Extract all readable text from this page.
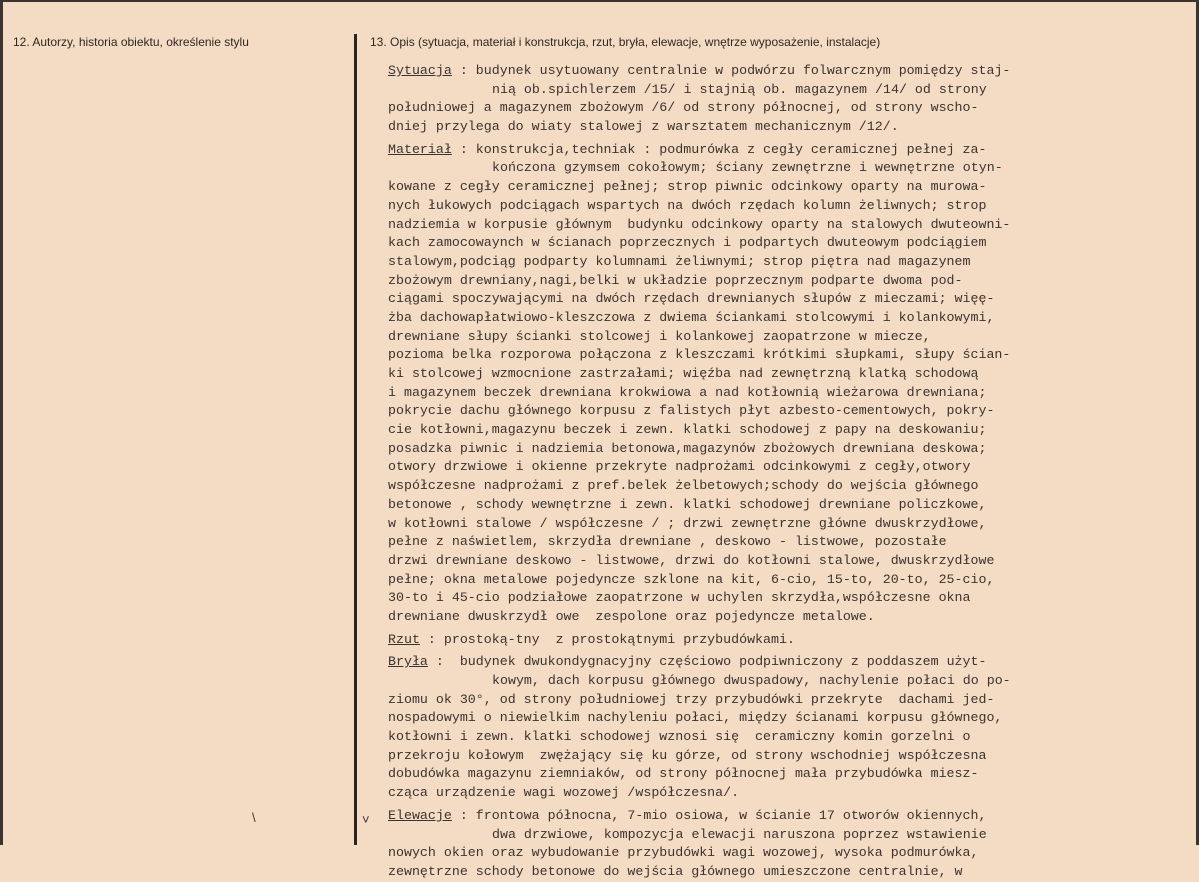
12. Autorzy, historia obiektu, określenie stylu	13. Opis (sytuacja, materiał i konstrukcja, rzut, bryła, elewacje, wnętrze wyposażenie, instalacje)
\	˅
Sytuacja : budynek usytuowany centralnie w podwórzu folwarcznym pomiędzy staj-
nią ob.spichlerzem /15/ i stajnią ob. magazynem /14/ od strony
południowej a magazynem zbożowym /6/ od strony północnej, od strony wscho-
dniej przylega do wiaty stalowej z warsztatem mechanicznym /12/.
Materiał : konstrukcja,techniak : podmurówka z cegły ceramicznej pełnej za-
kończona gzymsem cokołowym; ściany zewnętrzne i wewnętrzne otyn-
kowane z cegły ceramicznej pełnej; strop piwnic odcinkowy oparty na murowa-
nych łukowych podciągach wspartych na dwóch rzędach kolumn żeliwnych; strop
nadziemia w korpusie głównym  budynku odcinkowy oparty na stalowych dwuteowni-
kach zamocowaynch w ścianach poprzecznych i podpartych dwuteowym podciągiem
stalowym,podciąg podparty kolumnami żeliwnymi; strop piętra nad magazynem
zbożowym drewniany,nagi,belki w układzie poprzecznym podparte dwoma pod-
ciągami spoczywającymi na dwóch rzędach drewnianych słupów z mieczami; więę-
żba dachowapłatwiowo-kleszczowa z dwiema ściankami stolcowymi i kolankowymi,
drewniane słupy ścianki stolcowej i kolankowej zaopatrzone w miecze,
pozioma belka rozporowa połączona z kleszczami krótkimi słupkami, słupy ścian-
ki stolcowej wzmocnione zastrzałami; więźba nad zewnętrzną klatką schodową
i magazynem beczek drewniana krokwiowa a nad kotłownią wieżarowa drewniana;
pokrycie dachu głównego korpusu z falistych płyt azbesto-cementowych, pokry-
cie kotłowni,magazynu beczek i zewn. klatki schodowej z papy na deskowaniu;
posadzka piwnic i nadziemia betonowa,magazynów zbożowych drewniana deskowa;
otwory drzwiowe i okienne przekryte nadprożami odcinkowymi z cegły,otwory
współczesne nadprożami z pref.belek żelbetowych;schody do wejścia głównego
betonowe , schody wewnętrzne i zewn. klatki schodowej drewniane policzkowe,
w kotłowni stalowe / współczesne / ; drzwi zewnętrzne główne dwuskrzydłowe,
pełne z naświetlem, skrzydła drewniane , deskowo - listwowe, pozostałe
drzwi drewniane deskowo - listwowe, drzwi do kotłowni stalowe, dwuskrzydłowe
pełne; okna metalowe pojedyncze szklone na kit, 6-cio, 15-to, 20-to, 25-cio,
30-to i 45-cio podziałowe zaopatrzone w uchylen skrzydła,współczesne okna
drewniane dwuskrzydł owe  zespolone oraz pojedyncze metalowe.
Rzut : prostoką-tny  z prostokątnymi przybudówkami.
Bryła :  budynek dwukondygnacyjny częściowo podpiwniczony z poddaszem użyt-
kowym, dach korpusu głównego dwuspadowy, nachylenie połaci do po-
ziomu ok 30°, od strony południowej trzy przybudówki przekryte  dachami jed-
nospadowymi o niewielkim nachyleniu połaci, między ścianami korpusu głównego,
kotłowni i zewn. klatki schodowej wznosi się  ceramiczny komin gorzelni o
przekroju kołowym  zwężający się ku górze, od strony wschodniej współczesna
dobudówka magazynu ziemniaków, od strony północnej mała przybudówka miesz-
cząca urządzenie wagi wozowej /współczesna/.
Elewacje : frontowa północna, 7-mio osiowa, w ścianie 17 otworów okiennych,
dwa drzwiowe, kompozycja elewacji naruszona poprzez wstawienie
nowych okien oraz wybudowanie przybudówki wagi wozowej, wysoka podmurówka,
zewnętrzne schody betonowe do wejścia głównego umieszczone centralnie, w
